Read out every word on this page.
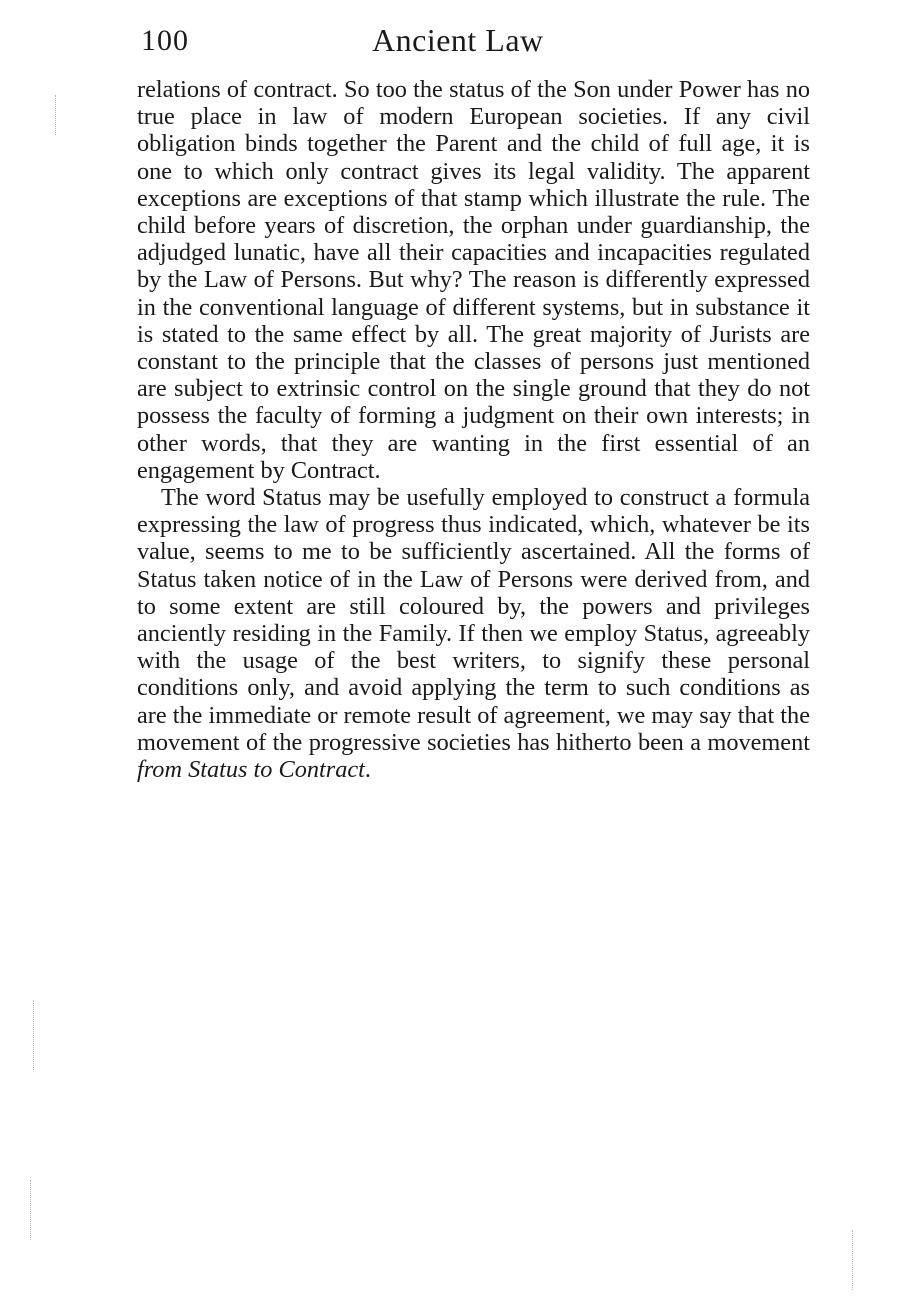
100	Ancient Law

relations of contract. So too the status of the Son under Power has no true place in law of modern European societies. If any civil obligation binds together the Parent and the child of full age, it is one to which only contract gives its legal validity. The apparent exceptions are exceptions of that stamp which illustrate the rule. The child before years of discretion, the orphan under guardianship, the adjudged lunatic, have all their capacities and incapacities regulated by the Law of Persons. But why? The reason is differently expressed in the conventional language of different systems, but in substance it is stated to the same effect by all. The great majority of Jurists are constant to the principle that the classes of persons just mentioned are subject to extrinsic control on the single ground that they do not possess the faculty of forming a judgment on their own interests; in other words, that they are wanting in the first essential of an engagement by Contract.

The word Status may be usefully employed to construct a formula expressing the law of progress thus indicated, which, whatever be its value, seems to me to be sufficiently ascertained. All the forms of Status taken notice of in the Law of Persons were derived from, and to some extent are still coloured by, the powers and privileges anciently residing in the Family. If then we employ Status, agreeably with the usage of the best writers, to signify these personal conditions only, and avoid applying the term to such conditions as are the immediate or remote result of agreement, we may say that the movement of the progressive societies has hitherto been a movement from Status to Contract.
